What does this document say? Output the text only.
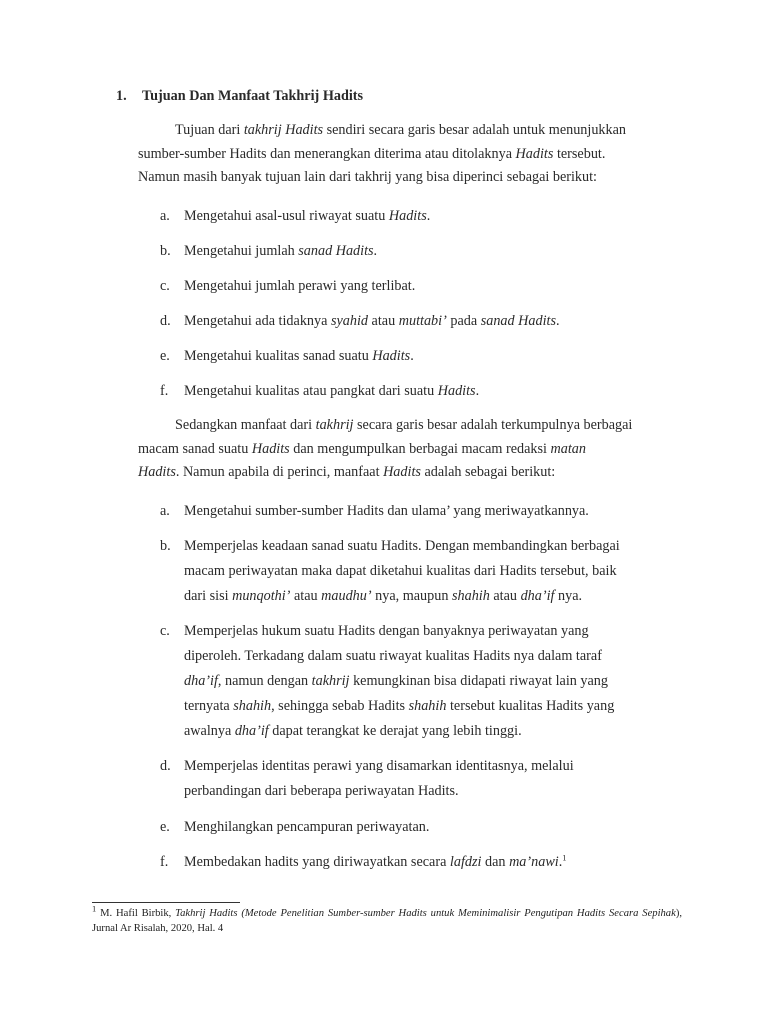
1. Tujuan Dan Manfaat Takhrij Hadits
Tujuan dari takhrij Hadits sendiri secara garis besar adalah untuk menunjukkan
sumber-sumber Hadits dan menerangkan diterima atau ditolaknya Hadits tersebut.
Namun masih banyak tujuan lain dari takhrij yang bisa diperinci sebagai berikut:
a. Mengetahui asal-usul riwayat suatu Hadits.
b. Mengetahui jumlah sanad Hadits.
c. Mengetahui jumlah perawi yang terlibat.
d. Mengetahui ada tidaknya syahid atau muttabi’ pada sanad Hadits.
e. Mengetahui kualitas sanad suatu Hadits.
f. Mengetahui kualitas atau pangkat dari suatu Hadits.
Sedangkan manfaat dari takhrij secara garis besar adalah terkumpulnya berbagai
macam sanad suatu Hadits dan mengumpulkan berbagai macam redaksi matan
Hadits. Namun apabila di perinci, manfaat Hadits adalah sebagai berikut:
a. Mengetahui sumber-sumber Hadits dan ulama’ yang meriwayatkannya.
b. Memperjelas keadaan sanad suatu Hadits. Dengan membandingkan berbagai
macam periwayatan maka dapat diketahui kualitas dari Hadits tersebut, baik
dari sisi munqothi’ atau maudhu’ nya, maupun shahih atau dha’if nya.
c. Memperjelas hukum suatu Hadits dengan banyaknya periwayatan yang
diperoleh. Terkadang dalam suatu riwayat kualitas Hadits nya dalam taraf
dha’if, namun dengan takhrij kemungkinan bisa didapati riwayat lain yang
ternyata shahih, sehingga sebab Hadits shahih tersebut kualitas Hadits yang
awalnya dha’if dapat terangkat ke derajat yang lebih tinggi.
d. Memperjelas identitas perawi yang disamarkan identitasnya, melalui
perbandingan dari beberapa periwayatan Hadits.
e. Menghilangkan pencampuran periwayatan.
f. Membedakan hadits yang diriwayatkan secara lafdzi dan ma’nawi.$^1$
$^1$ M. Hafil Birbik, Takhrij Hadits (Metode Penelitian Sumber-sumber Hadits untuk Meminimalisir Pengutipan Hadits Secara Sepihak), Jurnal Ar Risalah, 2020, Hal. 4
